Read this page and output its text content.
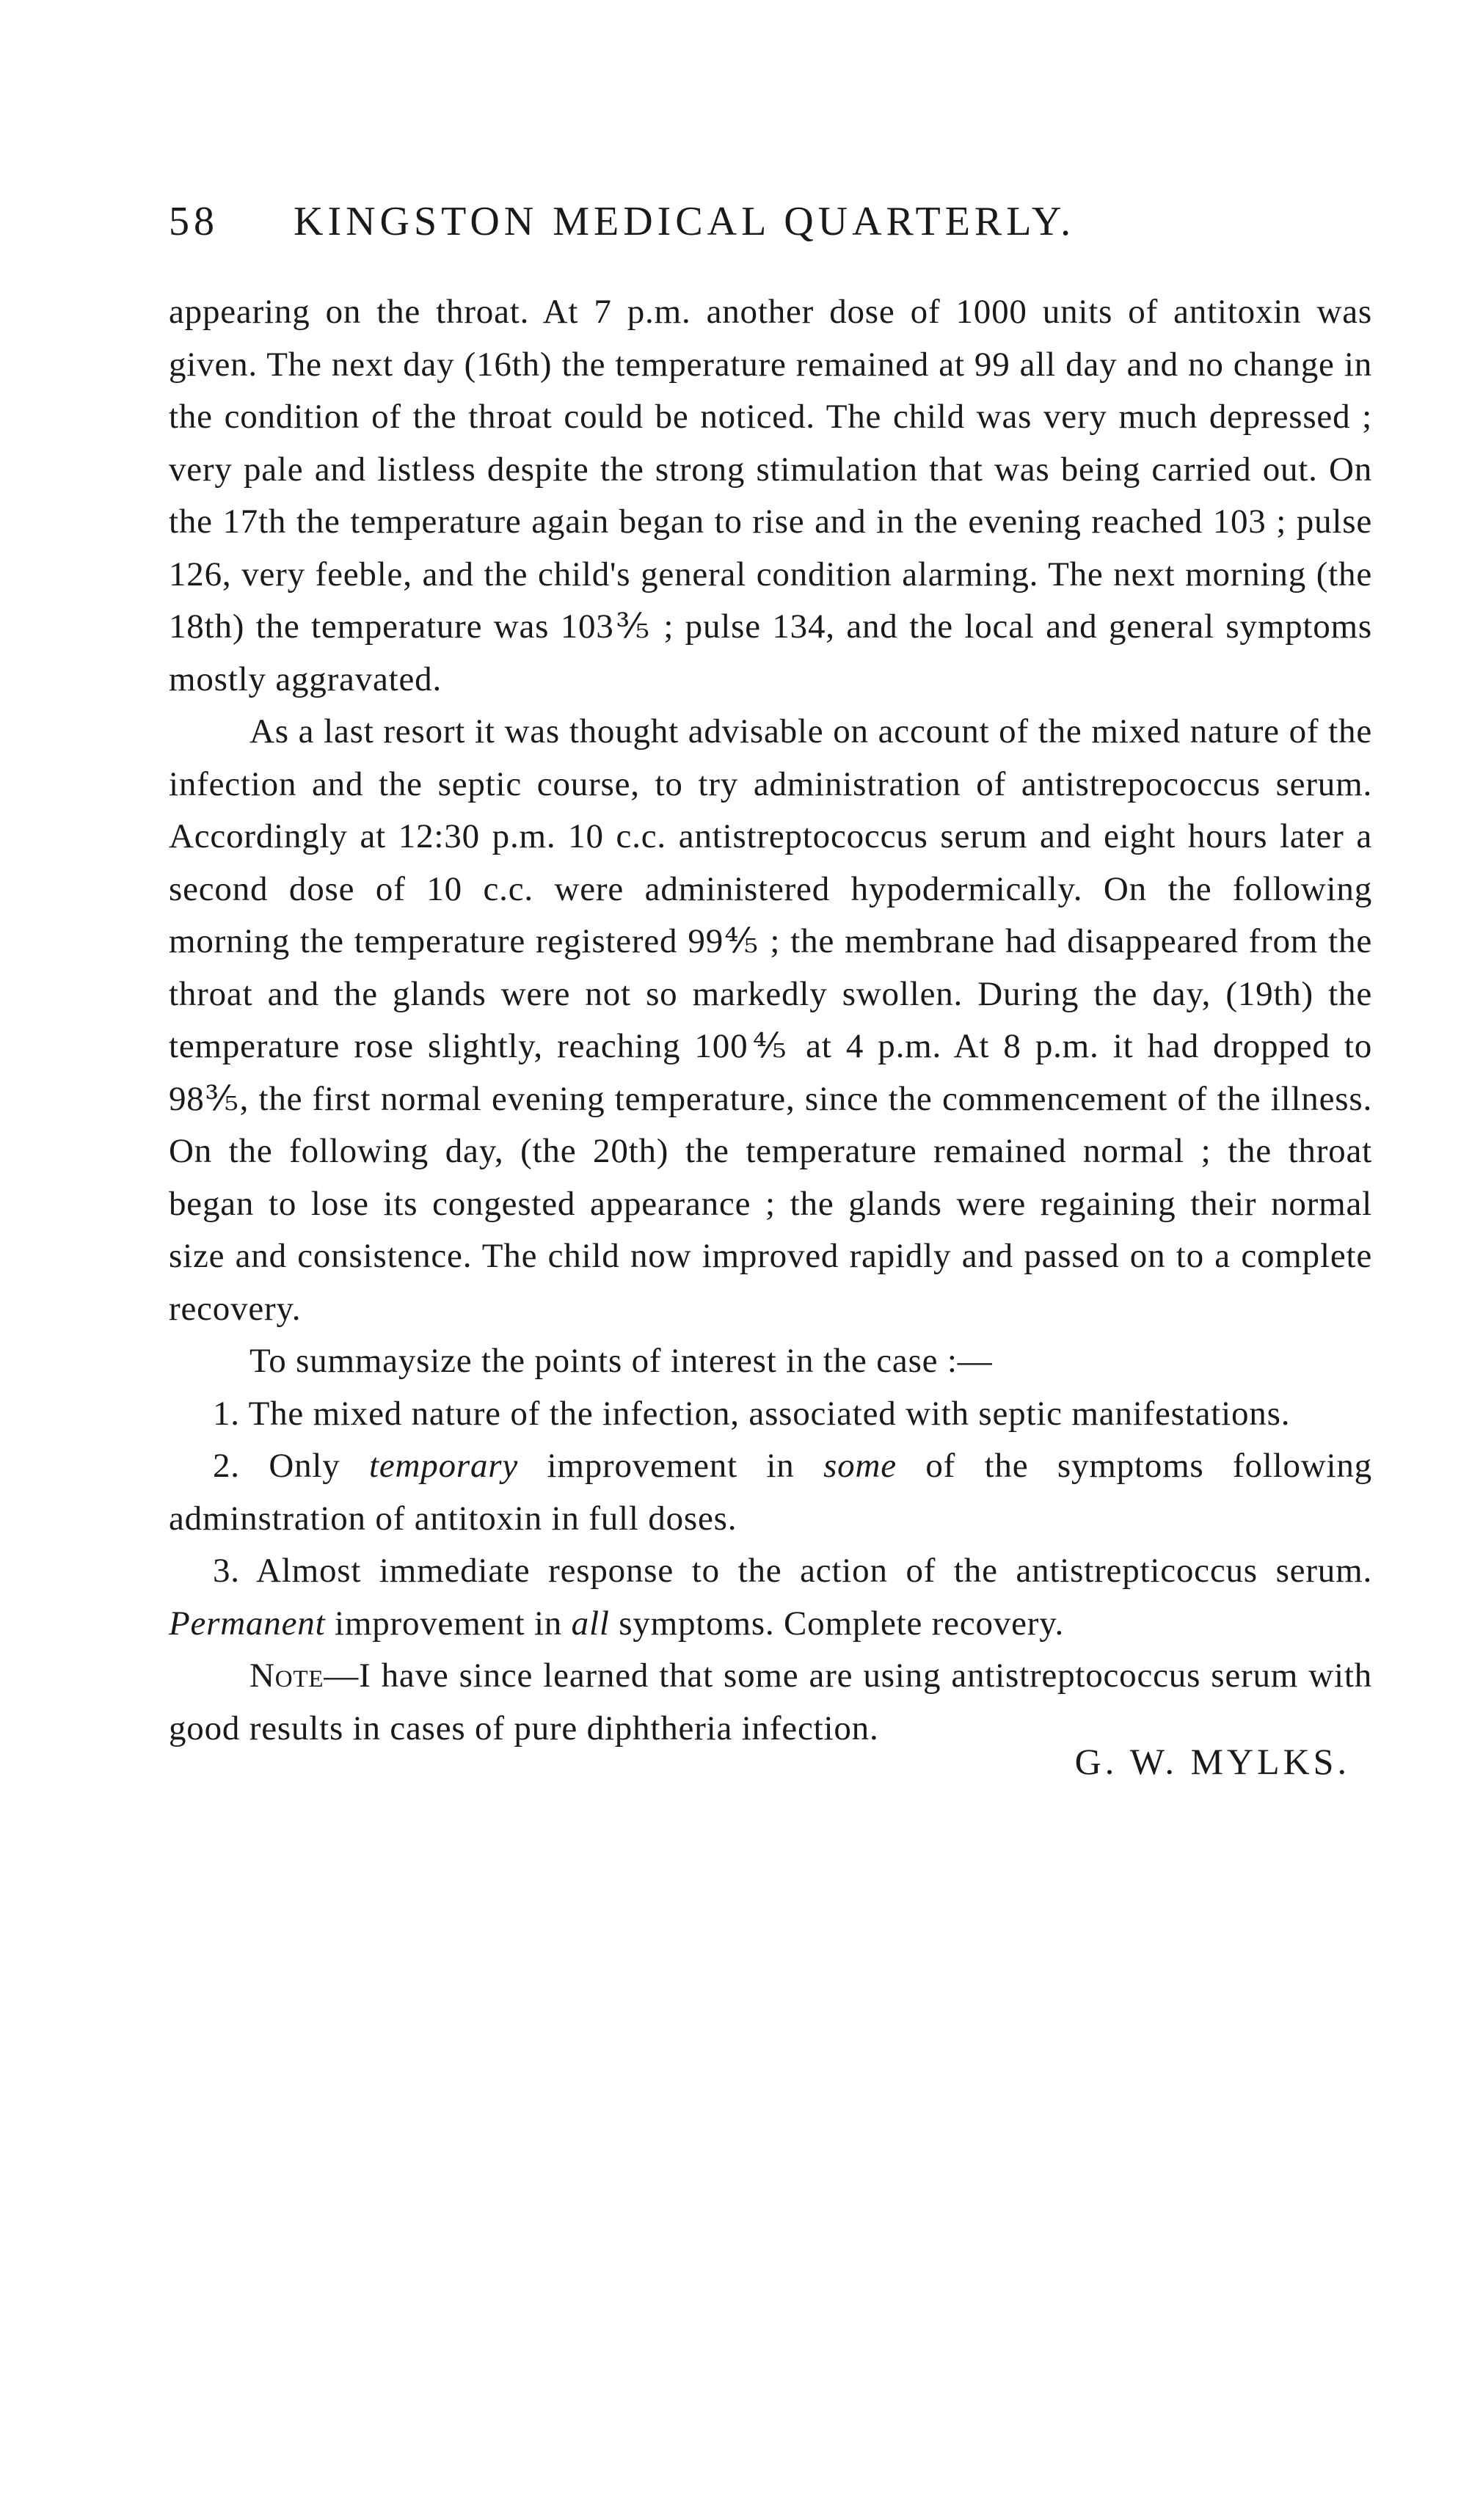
58	KINGSTON MEDICAL QUARTERLY.

appearing on the throat. At 7 p.m. another dose of 1000 units of antitoxin was given. The next day (16th) the temperature remained at 99 all day and no change in the condition of the throat could be noticed. The child was very much depressed ; very pale and listless despite the strong stimulation that was being carried out. On the 17th the temperature again began to rise and in the evening reached 103 ; pulse 126, very feeble, and the child's general condition alarming. The next morning (the 18th) the temperature was 103⅗ ; pulse 134, and the local and general symptoms mostly aggravated.

As a last resort it was thought advisable on account of the mixed nature of the infection and the septic course, to try administration of antistrepococcus serum. Accordingly at 12:30 p.m. 10 c.c. antistreptococcus serum and eight hours later a second dose of 10 c.c. were administered hypodermically. On the following morning the temperature registered 99⅘ ; the membrane had disappeared from the throat and the glands were not so markedly swollen. During the day, (19th) the temperature rose slightly, reaching 100⅘ at 4 p.m. At 8 p.m. it had dropped to 98⅗, the first normal evening temperature, since the commencement of the illness. On the following day, (the 20th) the temperature remained normal ; the throat began to lose its congested appearance ; the glands were regaining their normal size and consistence. The child now improved rapidly and passed on to a complete recovery.

To summaysize the points of interest in the case :—

1. The mixed nature of the infection, associated with septic manifestations.

2. Only temporary improvement in some of the symptoms following adminstration of antitoxin in full doses.

3. Almost immediate response to the action of the antistrepticoccus serum. Permanent improvement in all symptoms. Complete recovery.

Note—I have since learned that some are using antistreptococcus serum with good results in cases of pure diphtheria infection.

G. W. MYLKS.
